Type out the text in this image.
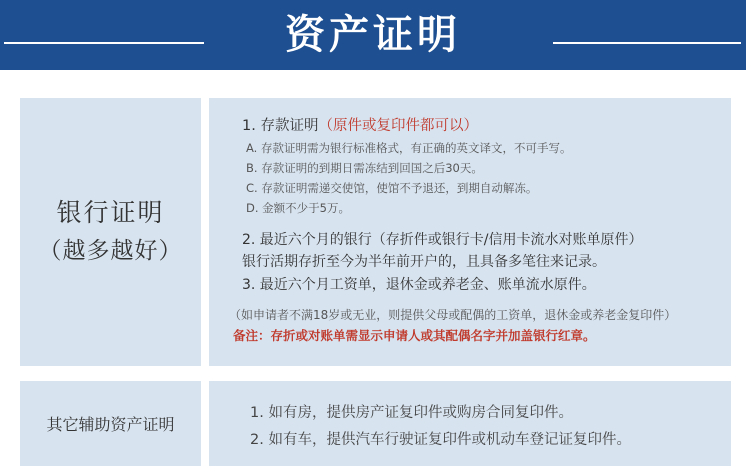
资产证明
银行证明
（越多越好）
1. 存款证明（原件或复印件都可以）
A. 存款证明需为银行标准格式，有正确的英文译文，不可手写。
B. 存款证明的到期日需冻结到回国之后30天。
C. 存款证明需递交使馆，使馆不予退还，到期自动解冻。
D. 金额不少于5万。
2. 最近六个月的银行（存折件或银行卡/信用卡流水对账单原件）
银行活期存折至今为半年前开户的，且具备多笔往来记录。
3. 最近六个月工资单，退休金或养老金、账单流水原件。
（如申请者不满18岁或无业，则提供父母或配偶的工资单，退休金或养老金复印件）
备注：存折或对账单需显示申请人或其配偶名字并加盖银行红章。
其它辅助资产证明
1. 如有房，提供房产证复印件或购房合同复印件。
2. 如有车，提供汽车行驶证复印件或机动车登记证复印件。
